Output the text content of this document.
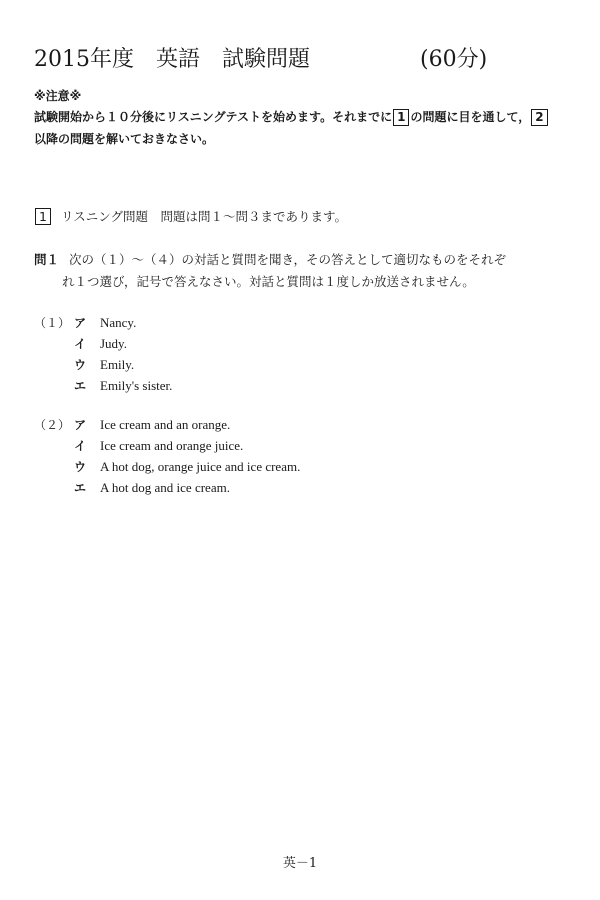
2015年度　英語　試験問題	(60分)
※注意※
試験開始から１０分後にリスニングテストを始めます。それまでに 1 の問題に目を通して， 2以降の問題を解いておきなさい。
1 リスニング問題　問題は問１～問３まであります。
問１ 次の（１）～（４）の対話と質問を聞き，その答えとして適切なものをそれぞ
れ１つ選び，記号で答えなさい。対話と質問は１度しか放送されません。
（１） ア	Nancy.
イ	Judy.
ウ	Emily.
エ	Emily's sister.
（２） ア	Ice cream and an orange.
イ	Ice cream and orange juice.
ウ	A hot dog, orange juice and ice cream.
エ	A hot dog and ice cream.
英－1
